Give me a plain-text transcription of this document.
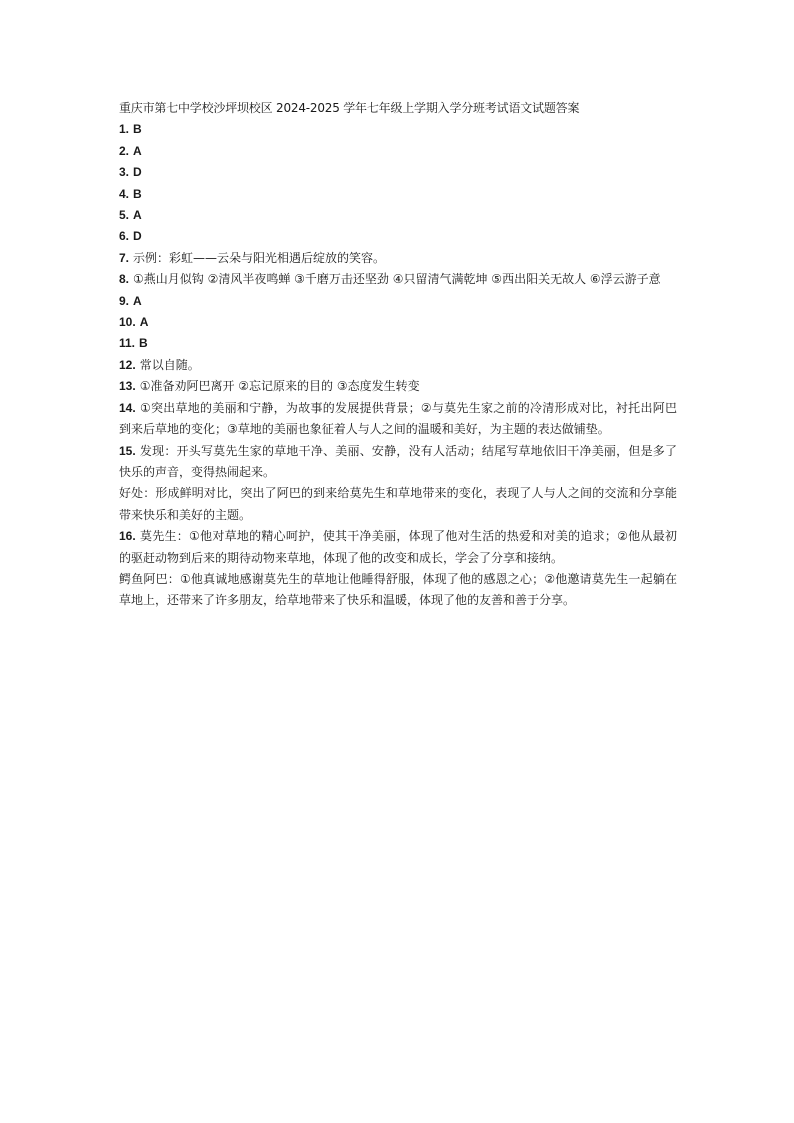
重庆市第七中学校沙坪坝校区 2024-2025 学年七年级上学期入学分班考试语文试题答案

1. B

2. A

3. D

4. B

5. A

6. D

7. 示例：彩虹——云朵与阳光相遇后绽放的笑容。

8. ①燕山月似钩 ②清风半夜鸣蝉 ③千磨万击还坚劲 ④只留清气满乾坤 ⑤西出阳关无故人 ⑥浮云游子意

9. A

10. A

11. B

12. 常以自随。

13. ①准备劝阿巴离开 ②忘记原来的目的 ③态度发生转变

14. ①突出草地的美丽和宁静，为故事的发展提供背景；②与莫先生家之前的冷清形成对比，衬托出阿巴到来后草地的变化；③草地的美丽也象征着人与人之间的温暖和美好，为主题的表达做铺垫。

15. 发现：开头写莫先生家的草地干净、美丽、安静，没有人活动；结尾写草地依旧干净美丽，但是多了快乐的声音，变得热闹起来。

好处：形成鲜明对比，突出了阿巴的到来给莫先生和草地带来的变化，表现了人与人之间的交流和分享能带来快乐和美好的主题。

16. 莫先生：①他对草地的精心呵护，使其干净美丽，体现了他对生活的热爱和对美的追求；②他从最初的驱赶动物到后来的期待动物来草地，体现了他的改变和成长，学会了分享和接纳。

鳄鱼阿巴：①他真诚地感谢莫先生的草地让他睡得舒服，体现了他的感恩之心；②他邀请莫先生一起躺在草地上，还带来了许多朋友，给草地带来了快乐和温暖，体现了他的友善和善于分享。
